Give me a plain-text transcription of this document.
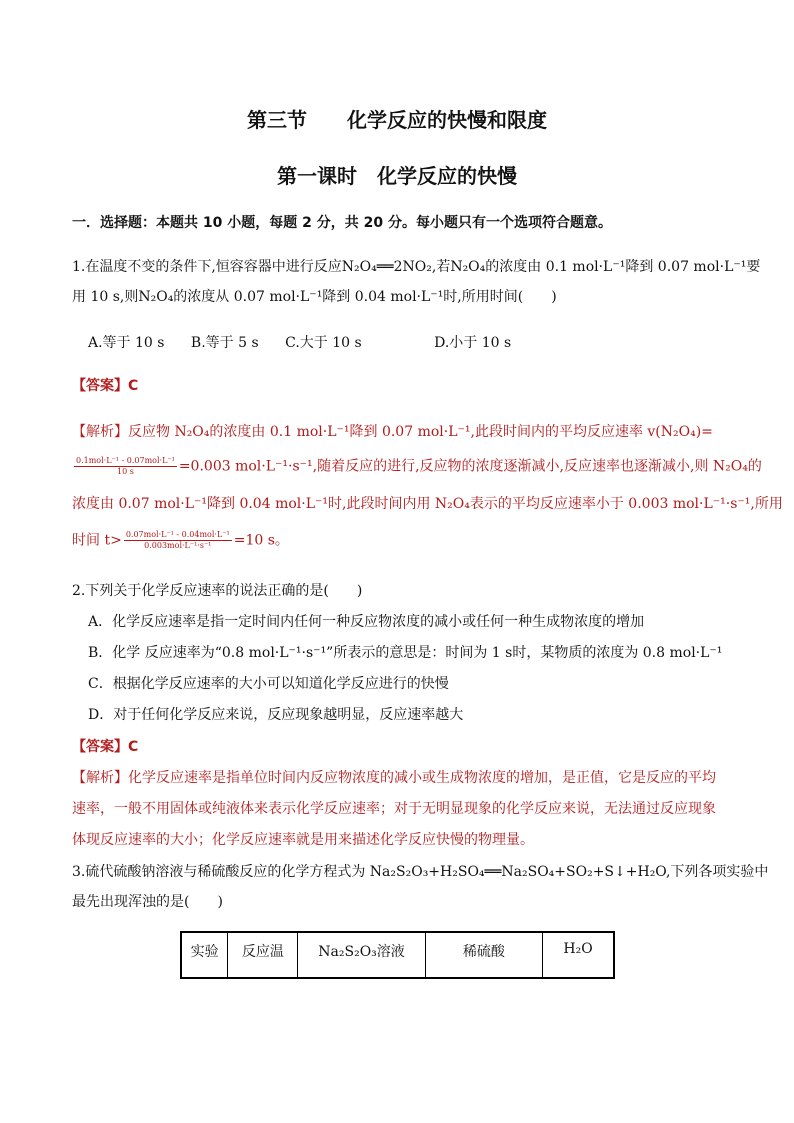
第三节　　化学反应的快慢和限度
第一课时　化学反应的快慢
一．选择题：本题共 10 小题，每题 2 分，共 20 分。每小题只有一个选项符合题意。
1.在温度不变的条件下,恒容容器中进行反应N₂O₄══2NO₂,若N₂O₄的浓度由 0.1 mol·L⁻¹降到 0.07 mol·L⁻¹要
用 10 s,则N₂O₄的浓度从 0.07 mol·L⁻¹降到 0.04 mol·L⁻¹时,所用时间(　　)
A.等于 10 s B.等于 5 s C.大于 10 s	D.小于 10 s
【答案】C
【解析】反应物 N₂O₄的浓度由 0.1 mol·L⁻¹降到 0.07 mol·L⁻¹,此段时间内的平均反应速率 v(N₂O₄)=
$\frac{\text{0.1mol·L⁻¹ - 0.07mol·L⁻¹}}{10 s} =0.003$ mol·L⁻¹·s⁻¹,随着反应的进行,反应物的浓度逐渐减小,反应速率也逐渐减小,则 N₂O₄的
浓度由 0.07 mol·L⁻¹降到 0.04 mol·L⁻¹时,此段时间内用 N₂O₄表示的平均反应速率小于 0.003 mol·L⁻¹·s⁻¹,所用
时间 $t> \frac{\text{0.07mol·L⁻¹ - 0.04mol·L⁻¹}}{\text{0.003mol·L⁻¹·s⁻¹}} =10$ s。
2.下列关于化学反应速率的说法正确的是(　　)
A．化学反应速率是指一定时间内任何一种反应物浓度的减小或任何一种生成物浓度的增加
B．化学 反应速率为“0.8 mol·L⁻¹·s⁻¹”所表示的意思是：时间为 1 s时，某物质的浓度为 0.8 mol·L⁻¹
C．根据化学反应速率的大小可以知道化学反应进行的快慢
D．对于任何化学反应来说，反应现象越明显，反应速率越大
【答案】C
【解析】化学反应速率是指单位时间内反应物浓度的减小或生成物浓度的增加，是正值，它是反应的平均
速率，一般不用固体或纯液体来表示化学反应速率；对于无明显现象的化学反应来说，无法通过反应现象
体现反应速率的大小；化学反应速率就是用来描述化学反应快慢的物理量。
3.硫代硫酸钠溶液与稀硫酸反应的化学方程式为 Na₂S₂O₃+H₂SO₄══Na₂SO₄+SO₂+S↓+H₂O,下列各项实验中
最先出现浑浊的是(　　)
实验	反应温	Na₂S₂O₃溶液	稀硫酸	H₂O
